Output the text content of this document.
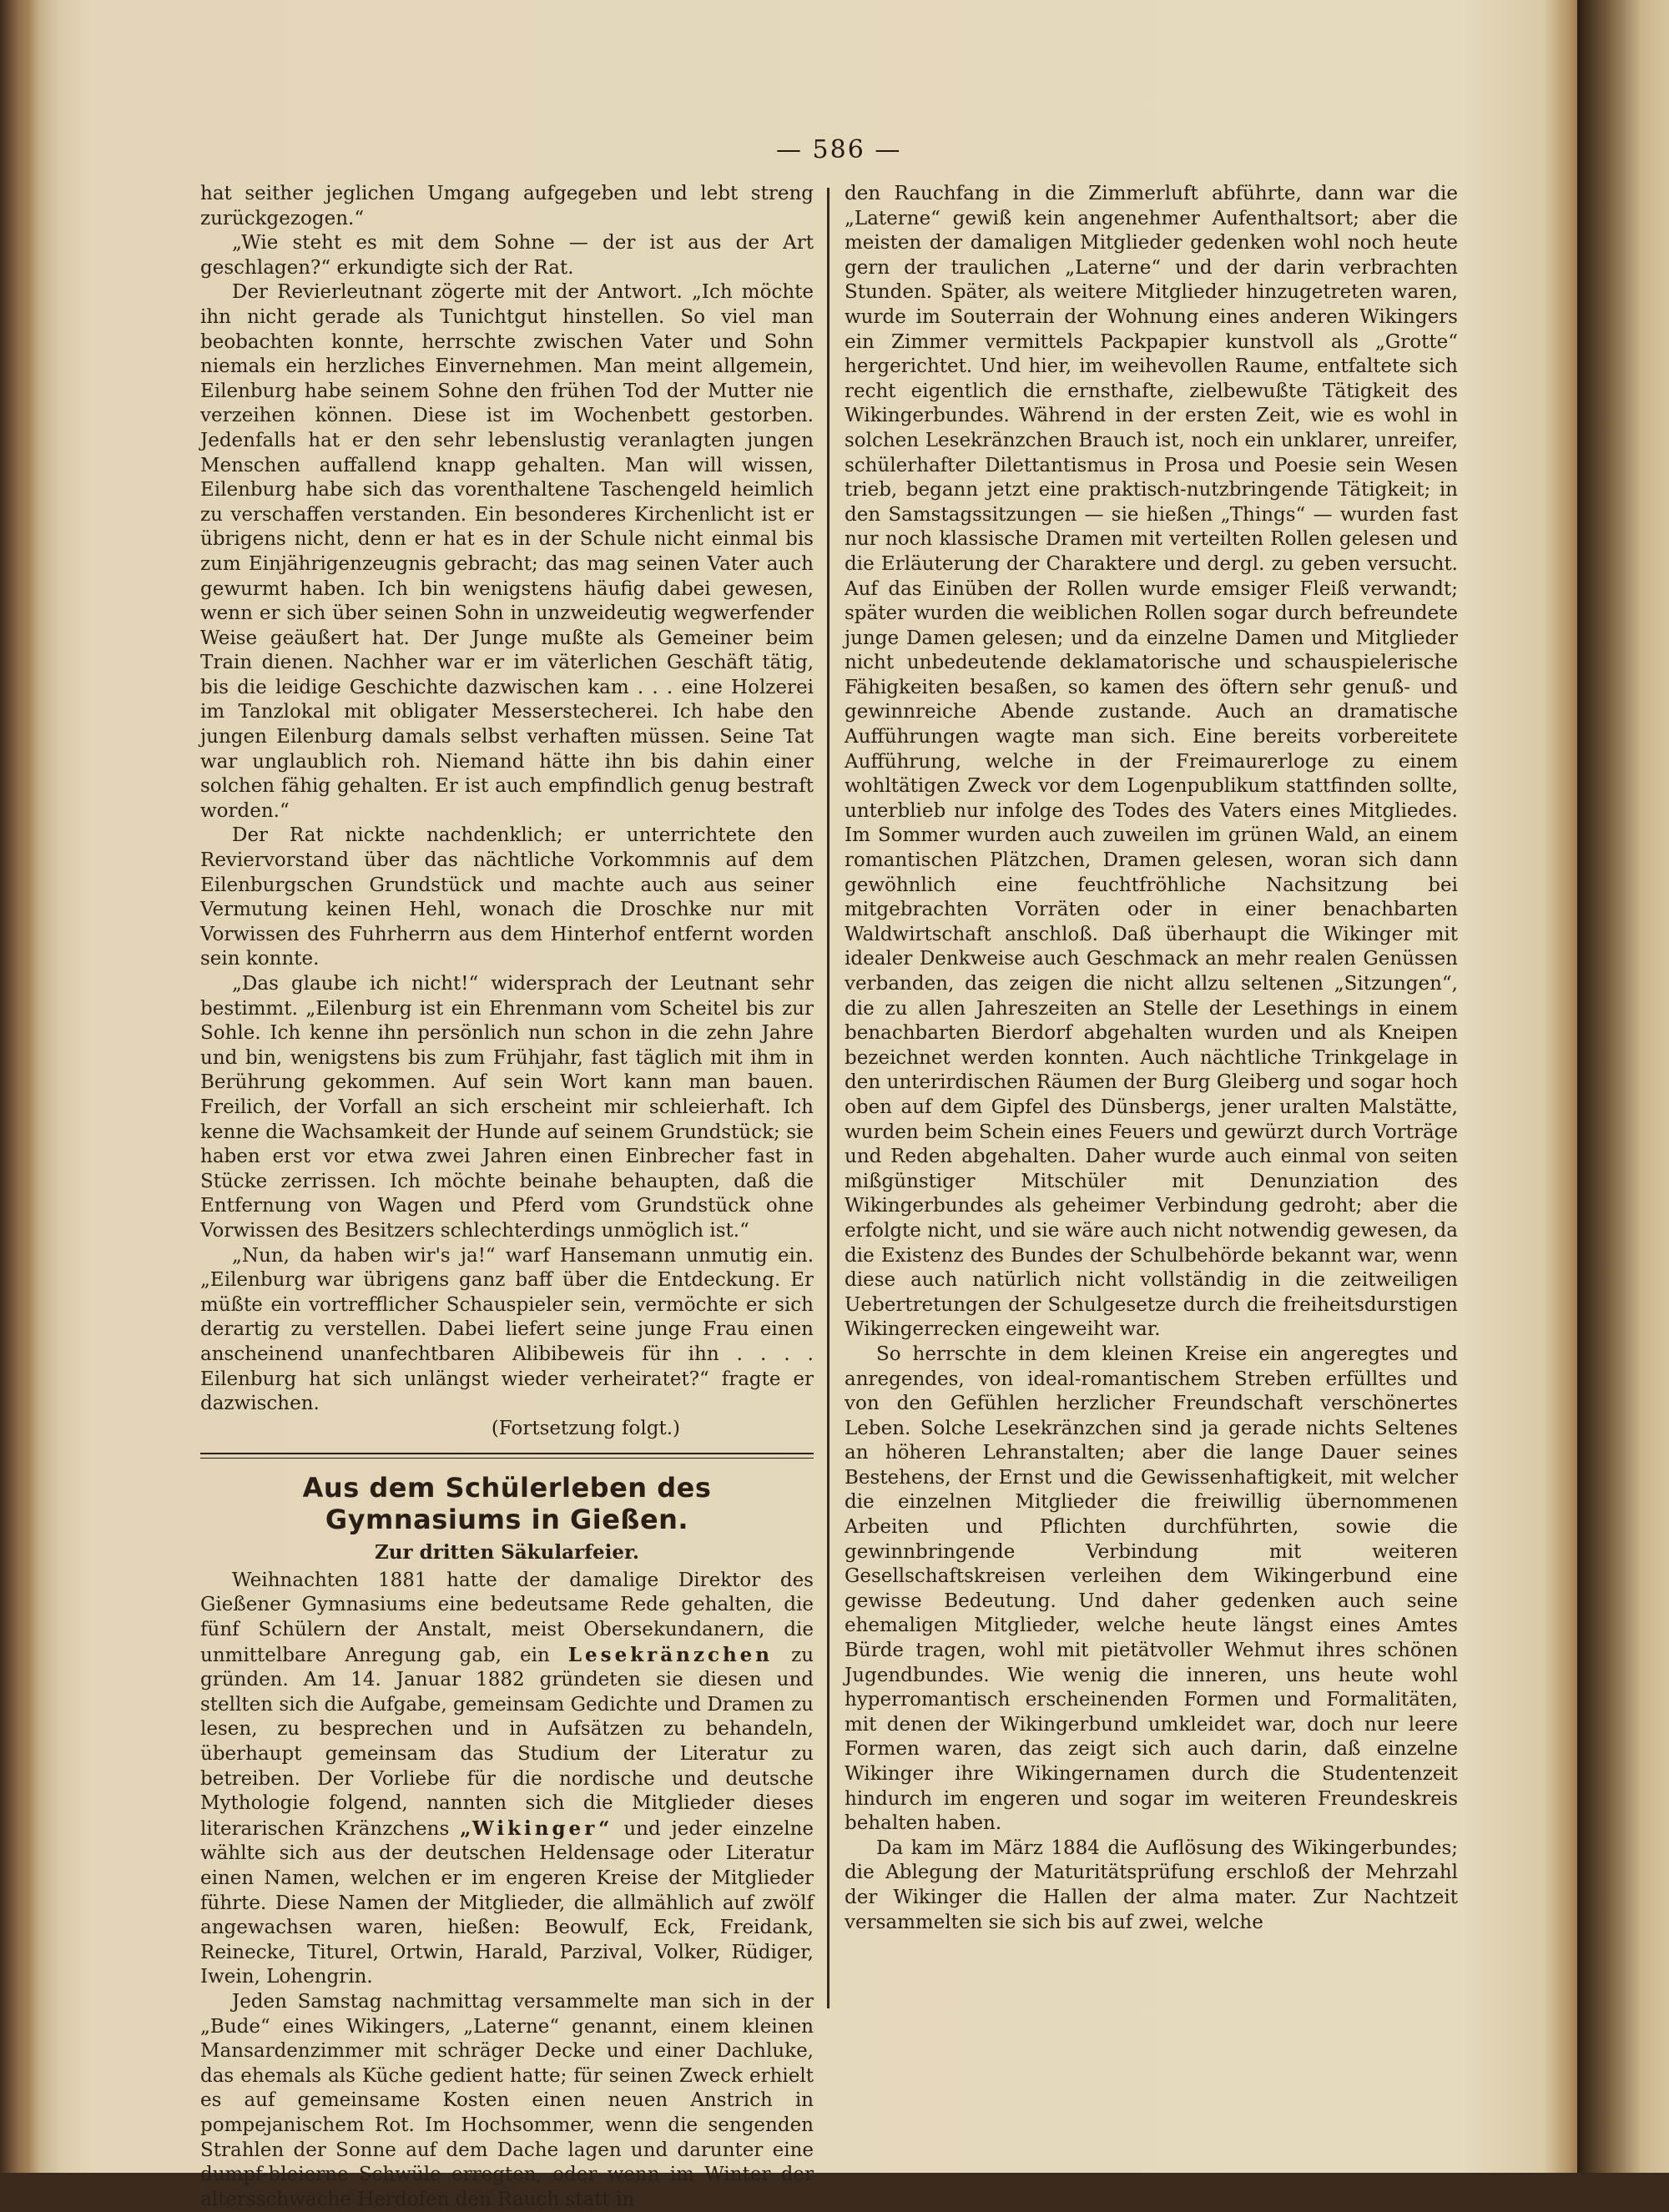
— 586 —

hat seither jeglichen Umgang aufgegeben und lebt streng zurückgezogen.“

„Wie steht es mit dem Sohne — der ist aus der Art geschlagen?“ erkundigte sich der Rat.

Der Revierleutnant zögerte mit der Antwort. „Ich möchte ihn nicht gerade als Tunichtgut hinstellen. So viel man beobachten konnte, herrschte zwischen Vater und Sohn niemals ein herzliches Einvernehmen. Man meint allgemein, Eilenburg habe seinem Sohne den frühen Tod der Mutter nie verzeihen können. Diese ist im Wochenbett gestorben. Jedenfalls hat er den sehr lebenslustig veranlagten jungen Menschen auffallend knapp gehalten. Man will wissen, Eilenburg habe sich das vorenthaltene Taschengeld heimlich zu verschaffen verstanden. Ein besonderes Kirchenlicht ist er übrigens nicht, denn er hat es in der Schule nicht einmal bis zum Einjährigenzeugnis gebracht; das mag seinen Vater auch gewurmt haben. Ich bin wenigstens häufig dabei gewesen, wenn er sich über seinen Sohn in unzweideutig wegwerfender Weise geäußert hat. Der Junge mußte als Gemeiner beim Train dienen. Nachher war er im väterlichen Geschäft tätig, bis die leidige Geschichte dazwischen kam . . . eine Holzerei im Tanzlokal mit obligater Messerstecherei. Ich habe den jungen Eilenburg damals selbst verhaften müssen. Seine Tat war unglaublich roh. Niemand hätte ihn bis dahin einer solchen fähig gehalten. Er ist auch empfindlich genug bestraft worden.“

Der Rat nickte nachdenklich; er unterrichtete den Reviervorstand über das nächtliche Vorkommnis auf dem Eilenburgschen Grundstück und machte auch aus seiner Vermutung keinen Hehl, wonach die Droschke nur mit Vorwissen des Fuhrherrn aus dem Hinterhof entfernt worden sein konnte.

„Das glaube ich nicht!“ widersprach der Leutnant sehr bestimmt. „Eilenburg ist ein Ehrenmann vom Scheitel bis zur Sohle. Ich kenne ihn persönlich nun schon in die zehn Jahre und bin, wenigstens bis zum Frühjahr, fast täglich mit ihm in Berührung gekommen. Auf sein Wort kann man bauen. Freilich, der Vorfall an sich erscheint mir schleierhaft. Ich kenne die Wachsamkeit der Hunde auf seinem Grundstück; sie haben erst vor etwa zwei Jahren einen Einbrecher fast in Stücke zerrissen. Ich möchte beinahe behaupten, daß die Entfernung von Wagen und Pferd vom Grundstück ohne Vorwissen des Besitzers schlechterdings unmöglich ist.“

„Nun, da haben wir's ja!“ warf Hansemann unmutig ein. „Eilenburg war übrigens ganz baff über die Entdeckung. Er müßte ein vortrefflicher Schauspieler sein, vermöchte er sich derartig zu verstellen. Dabei liefert seine junge Frau einen anscheinend unanfechtbaren Alibibeweis für ihn . . . . Eilenburg hat sich unlängst wieder verheiratet?“ fragte er dazwischen.

(Fortsetzung folgt.)

Aus dem Schülerleben des Gymnasiums in Gießen.
Zur dritten Säkularfeier.

Weihnachten 1881 hatte der damalige Direktor des Gießener Gymnasiums eine bedeutsame Rede gehalten, die fünf Schülern der Anstalt, meist Obersekundanern, die unmittelbare Anregung gab, ein Lesekränzchen zu gründen. Am 14. Januar 1882 gründeten sie diesen und stellten sich die Aufgabe, gemeinsam Gedichte und Dramen zu lesen, zu besprechen und in Aufsätzen zu behandeln, überhaupt gemeinsam das Studium der Literatur zu betreiben. Der Vorliebe für die nordische und deutsche Mythologie folgend, nannten sich die Mitglieder dieses literarischen Kränzchens „Wikinger“ und jeder einzelne wählte sich aus der deutschen Heldensage oder Literatur einen Namen, welchen er im engeren Kreise der Mitglieder führte. Diese Namen der Mitglieder, die allmählich auf zwölf angewachsen waren, hießen: Beowulf, Eck, Freidank, Reinecke, Titurel, Ortwin, Harald, Parzival, Volker, Rüdiger, Iwein, Lohengrin.

Jeden Samstag nachmittag versammelte man sich in der „Bude“ eines Wikingers, „Laterne“ genannt, einem kleinen Mansardenzimmer mit schräger Decke und einer Dachluke, das ehemals als Küche gedient hatte; für seinen Zweck erhielt es auf gemeinsame Kosten einen neuen Anstrich in pompejanischem Rot. Im Hochsommer, wenn die sengenden Strahlen der Sonne auf dem Dache lagen und darunter eine dumpf-bleierne Schwüle erregten, oder wenn im Winter der altersschwache Herdofen den Rauch statt in

den Rauchfang in die Zimmerluft abführte, dann war die „Laterne“ gewiß kein angenehmer Aufenthaltsort; aber die meisten der damaligen Mitglieder gedenken wohl noch heute gern der traulichen „Laterne“ und der darin verbrachten Stunden. Später, als weitere Mitglieder hinzugetreten waren, wurde im Souterrain der Wohnung eines anderen Wikingers ein Zimmer vermittels Packpapier kunstvoll als „Grotte“ hergerichtet. Und hier, im weihevollen Raume, entfaltete sich recht eigentlich die ernsthafte, zielbewußte Tätigkeit des Wikingerbundes. Während in der ersten Zeit, wie es wohl in solchen Lesekränzchen Brauch ist, noch ein unklarer, unreifer, schülerhafter Dilettantismus in Prosa und Poesie sein Wesen trieb, begann jetzt eine praktisch-nutzbringende Tätigkeit; in den Samstagssitzungen — sie hießen „Things“ — wurden fast nur noch klassische Dramen mit verteilten Rollen gelesen und die Erläuterung der Charaktere und dergl. zu geben versucht. Auf das Einüben der Rollen wurde emsiger Fleiß verwandt; später wurden die weiblichen Rollen sogar durch befreundete junge Damen gelesen; und da einzelne Damen und Mitglieder nicht unbedeutende deklamatorische und schauspielerische Fähigkeiten besaßen, so kamen des öftern sehr genuß- und gewinnreiche Abende zustande. Auch an dramatische Aufführungen wagte man sich. Eine bereits vorbereitete Aufführung, welche in der Freimaurerloge zu einem wohltätigen Zweck vor dem Logenpublikum stattfinden sollte, unterblieb nur infolge des Todes des Vaters eines Mitgliedes. Im Sommer wurden auch zuweilen im grünen Wald, an einem romantischen Plätzchen, Dramen gelesen, woran sich dann gewöhnlich eine feuchtfröhliche Nachsitzung bei mitgebrachten Vorräten oder in einer benachbarten Waldwirtschaft anschloß. Daß überhaupt die Wikinger mit idealer Denkweise auch Geschmack an mehr realen Genüssen verbanden, das zeigen die nicht allzu seltenen „Sitzungen“, die zu allen Jahreszeiten an Stelle der Lesethings in einem benachbarten Bierdorf abgehalten wurden und als Kneipen bezeichnet werden konnten. Auch nächtliche Trinkgelage in den unterirdischen Räumen der Burg Gleiberg und sogar hoch oben auf dem Gipfel des Dünsbergs, jener uralten Malstätte, wurden beim Schein eines Feuers und gewürzt durch Vorträge und Reden abgehalten. Daher wurde auch einmal von seiten mißgünstiger Mitschüler mit Denunziation des Wikingerbundes als geheimer Verbindung gedroht; aber die erfolgte nicht, und sie wäre auch nicht notwendig gewesen, da die Existenz des Bundes der Schulbehörde bekannt war, wenn diese auch natürlich nicht vollständig in die zeitweiligen Uebertretungen der Schulgesetze durch die freiheitsdurstigen Wikingerrecken eingeweiht war.

So herrschte in dem kleinen Kreise ein angeregtes und anregendes, von ideal-romantischem Streben erfülltes und von den Gefühlen herzlicher Freundschaft verschönertes Leben. Solche Lesekränzchen sind ja gerade nichts Seltenes an höheren Lehranstalten; aber die lange Dauer seines Bestehens, der Ernst und die Gewissenhaftigkeit, mit welcher die einzelnen Mitglieder die freiwillig übernommenen Arbeiten und Pflichten durchführten, sowie die gewinnbringende Verbindung mit weiteren Gesellschaftskreisen verleihen dem Wikingerbund eine gewisse Bedeutung. Und daher gedenken auch seine ehemaligen Mitglieder, welche heute längst eines Amtes Bürde tragen, wohl mit pietätvoller Wehmut ihres schönen Jugendbundes. Wie wenig die inneren, uns heute wohl hyperromantisch erscheinenden Formen und Formalitäten, mit denen der Wikingerbund umkleidet war, doch nur leere Formen waren, das zeigt sich auch darin, daß einzelne Wikinger ihre Wikingernamen durch die Studentenzeit hindurch im engeren und sogar im weiteren Freundeskreis behalten haben.

Da kam im März 1884 die Auflösung des Wikingerbundes; die Ablegung der Maturitätsprüfung erschloß der Mehrzahl der Wikinger die Hallen der alma mater. Zur Nachtzeit versammelten sie sich bis auf zwei, welche
